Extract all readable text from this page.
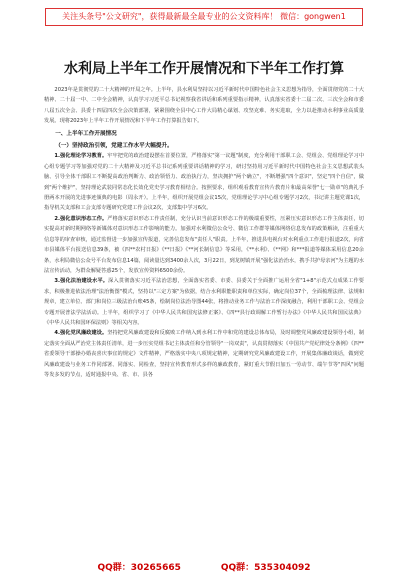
关注头条号"公文研究"，获得最新最全最专业的公文资料库！ 微信：gongwen1
水利局上半年工作开展情况和下半年工作打算

2023年是贯彻党的二十大精神的开局之年。上半年，县水利局坚持以习近平新时代中国特色社会主义思想为指导，全面贯彻党的二十大精神、二十届一中、二中全会精神，认真学习习近平总书记视察我省讲话和系列重要指示精神，认真落实省委十二届二次、三次全会和市委八届五次全会、县委十四届四次全会决策部署，紧紧围绕全县中心工作大局精心谋划、攻坚克难、务实进取，全力以赴推动水利事业高质量发展。现将2023年上半年工作开展情况和下半年工作打算报告如下。

一、上半年工作开展情况
（一）坚持政治引领，党建工作水平大幅提升。

1.强化理论学习教育。牢牢把党的政治建设摆在首要位置，严格落实"第一议题"制度，充分利用干部职工会、党组会、党组理论学习中心组专题学习等加强对党的二十大精神及习近平总书记系列重要讲话精神的学习，研讨坚持用习近平新时代中国特色社会主义思想武装头脑、引导全体干部职工不断提高政治判断力、政治领悟力、政治执行力，坚决拥护"两个确立"，不断增强"四个意识"，坚定"四个自信"，做到"两个维护"，坚持理论武装同常态化长效化党史学习教育相结合。按照要求，组织观看教育宣传片教育片和最高荣誉"七一勋章"的典礼手册两本开展的先进事迹颁典的电影（周永开）。上半年，组织开展党组会议15次，党组理论学习中心组专题学习2次，书记讲主题党课1次，指导机关支部和工会支部专题研究党建工作会议2次，支部集中学习6次。

2.强化意识形态工作。严格落实意识形态工作责任制，充分认识当前意识形态工作的极端重要性，压紧压实意识形态工作主体责任，切实提高对新时期网络等新媒体对意识形态工作影响的能力。加强对水利微信公众号、微信工作群等媒体网络信息发布的政策解读，注重重大信息等的审查审核，通过监督进一步加强宣传报道，完善信息发布"责任人"职责。上半年，推进县电视台对水利重点工作进行报道2次，向省市县媒体平台报送信息39条，被《四**农村日报》《**日报》《**河长制信息》等采用，《**水利》、《**网》和***报道等媒体采用信息20余条，水利局微信公众号平台发布信息14篇，阅读量达到3400余人次，3月22日，到龙树镇开展"强化法治治水，携手共护母亲河"为主题的水法宣传活动，为群众解疑答惑25个，发放宣传资料6500余份。

3.强化法治建设水平。深入贯彻落实习近平法治思想，全面落实省委、市委、县委关于全面推广运用全省"1+8"示范式点成果工作要求，积极推进依法治理"法治衡图"模式，坚持以"三定方案"为依据，结合水利职能职责和单位实际，确定岗位37个，全面梳理法律、法规和规章，建立单位、部门和岗位三级法治台账45条，绘制岗位法治导图44张，将推动业务工作与法治工作深度融合，利用干部职工会、党组会专题开展普法学法活动。上半年，组织学习了《中华人民共和国宪法修正案》、《四**县行政调解工作暂行办法》《中华人民共和国民法典》《中华人民共和国环保法则》等相关内容。

4.强化党风廉政建设。坚持把党风廉政建设和反腐败工作纳入到水利工作中和党的建设总体布局，及时调整党风廉政建设领导小组，制定落实全面从严治党主体责任清单，进一步压实党组书记主体责任和分管领导"一岗双责"，认真贯彻落实《中国共产党纪律处分条例》《四**省委领导干部操办婚丧喜庆事宜的规定》文件精神，严格落实中央八项规定精神，定期研究党风廉政建设工作，开展集体廉政谈话，做到党风廉政建设与业务工作同部署、同落实、同检查，坚持宣传教育形式多样的廉政教育，紧盯重大节假日加五一劳动节、端午节等"四风"问题等发多发的节点，适时通报中央、省、市、县各

QQ群：30265665	QQ群：535304092
